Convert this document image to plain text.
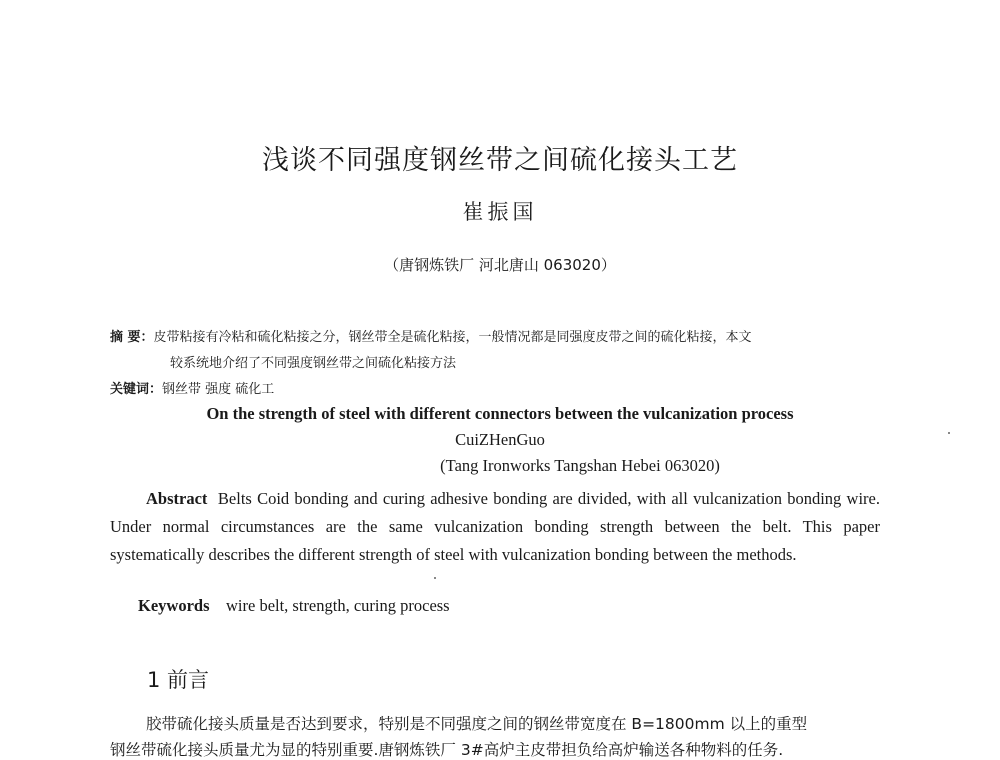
浅谈不同强度钢丝带之间硫化接头工艺
崔振国
（唐钢炼铁厂 河北唐山 063020）
摘 要：皮带粘接有冷粘和硫化粘接之分，钢丝带全是硫化粘接，一般情况都是同强度皮带之间的硫化粘接，本文
较系统地介绍了不同强度钢丝带之间硫化粘接方法
关键词：钢丝带 强度 硫化工
On the strength of steel with different connectors between the vulcanization process
CuiZHenGuo
(Tang Ironworks Tangshan Hebei 063020)
Abstract Belts Coid bonding and curing adhesive bonding are divided, with all vulcanization bonding wire. Under normal circumstances are the same vulcanization bonding strength between the belt. This paper systematically describes the different strength of steel with vulcanization bonding between the methods.
Keywords wire belt, strength, curing process
1 前言
胶带硫化接头质量是否达到要求，特别是不同强度之间的钢丝带宽度在 B=1800mm 以上的重型
钢丝带硫化接头质量尤为显的特别重要.唐钢炼铁厂 3#高炉主皮带担负给高炉输送各种物料的任务.
